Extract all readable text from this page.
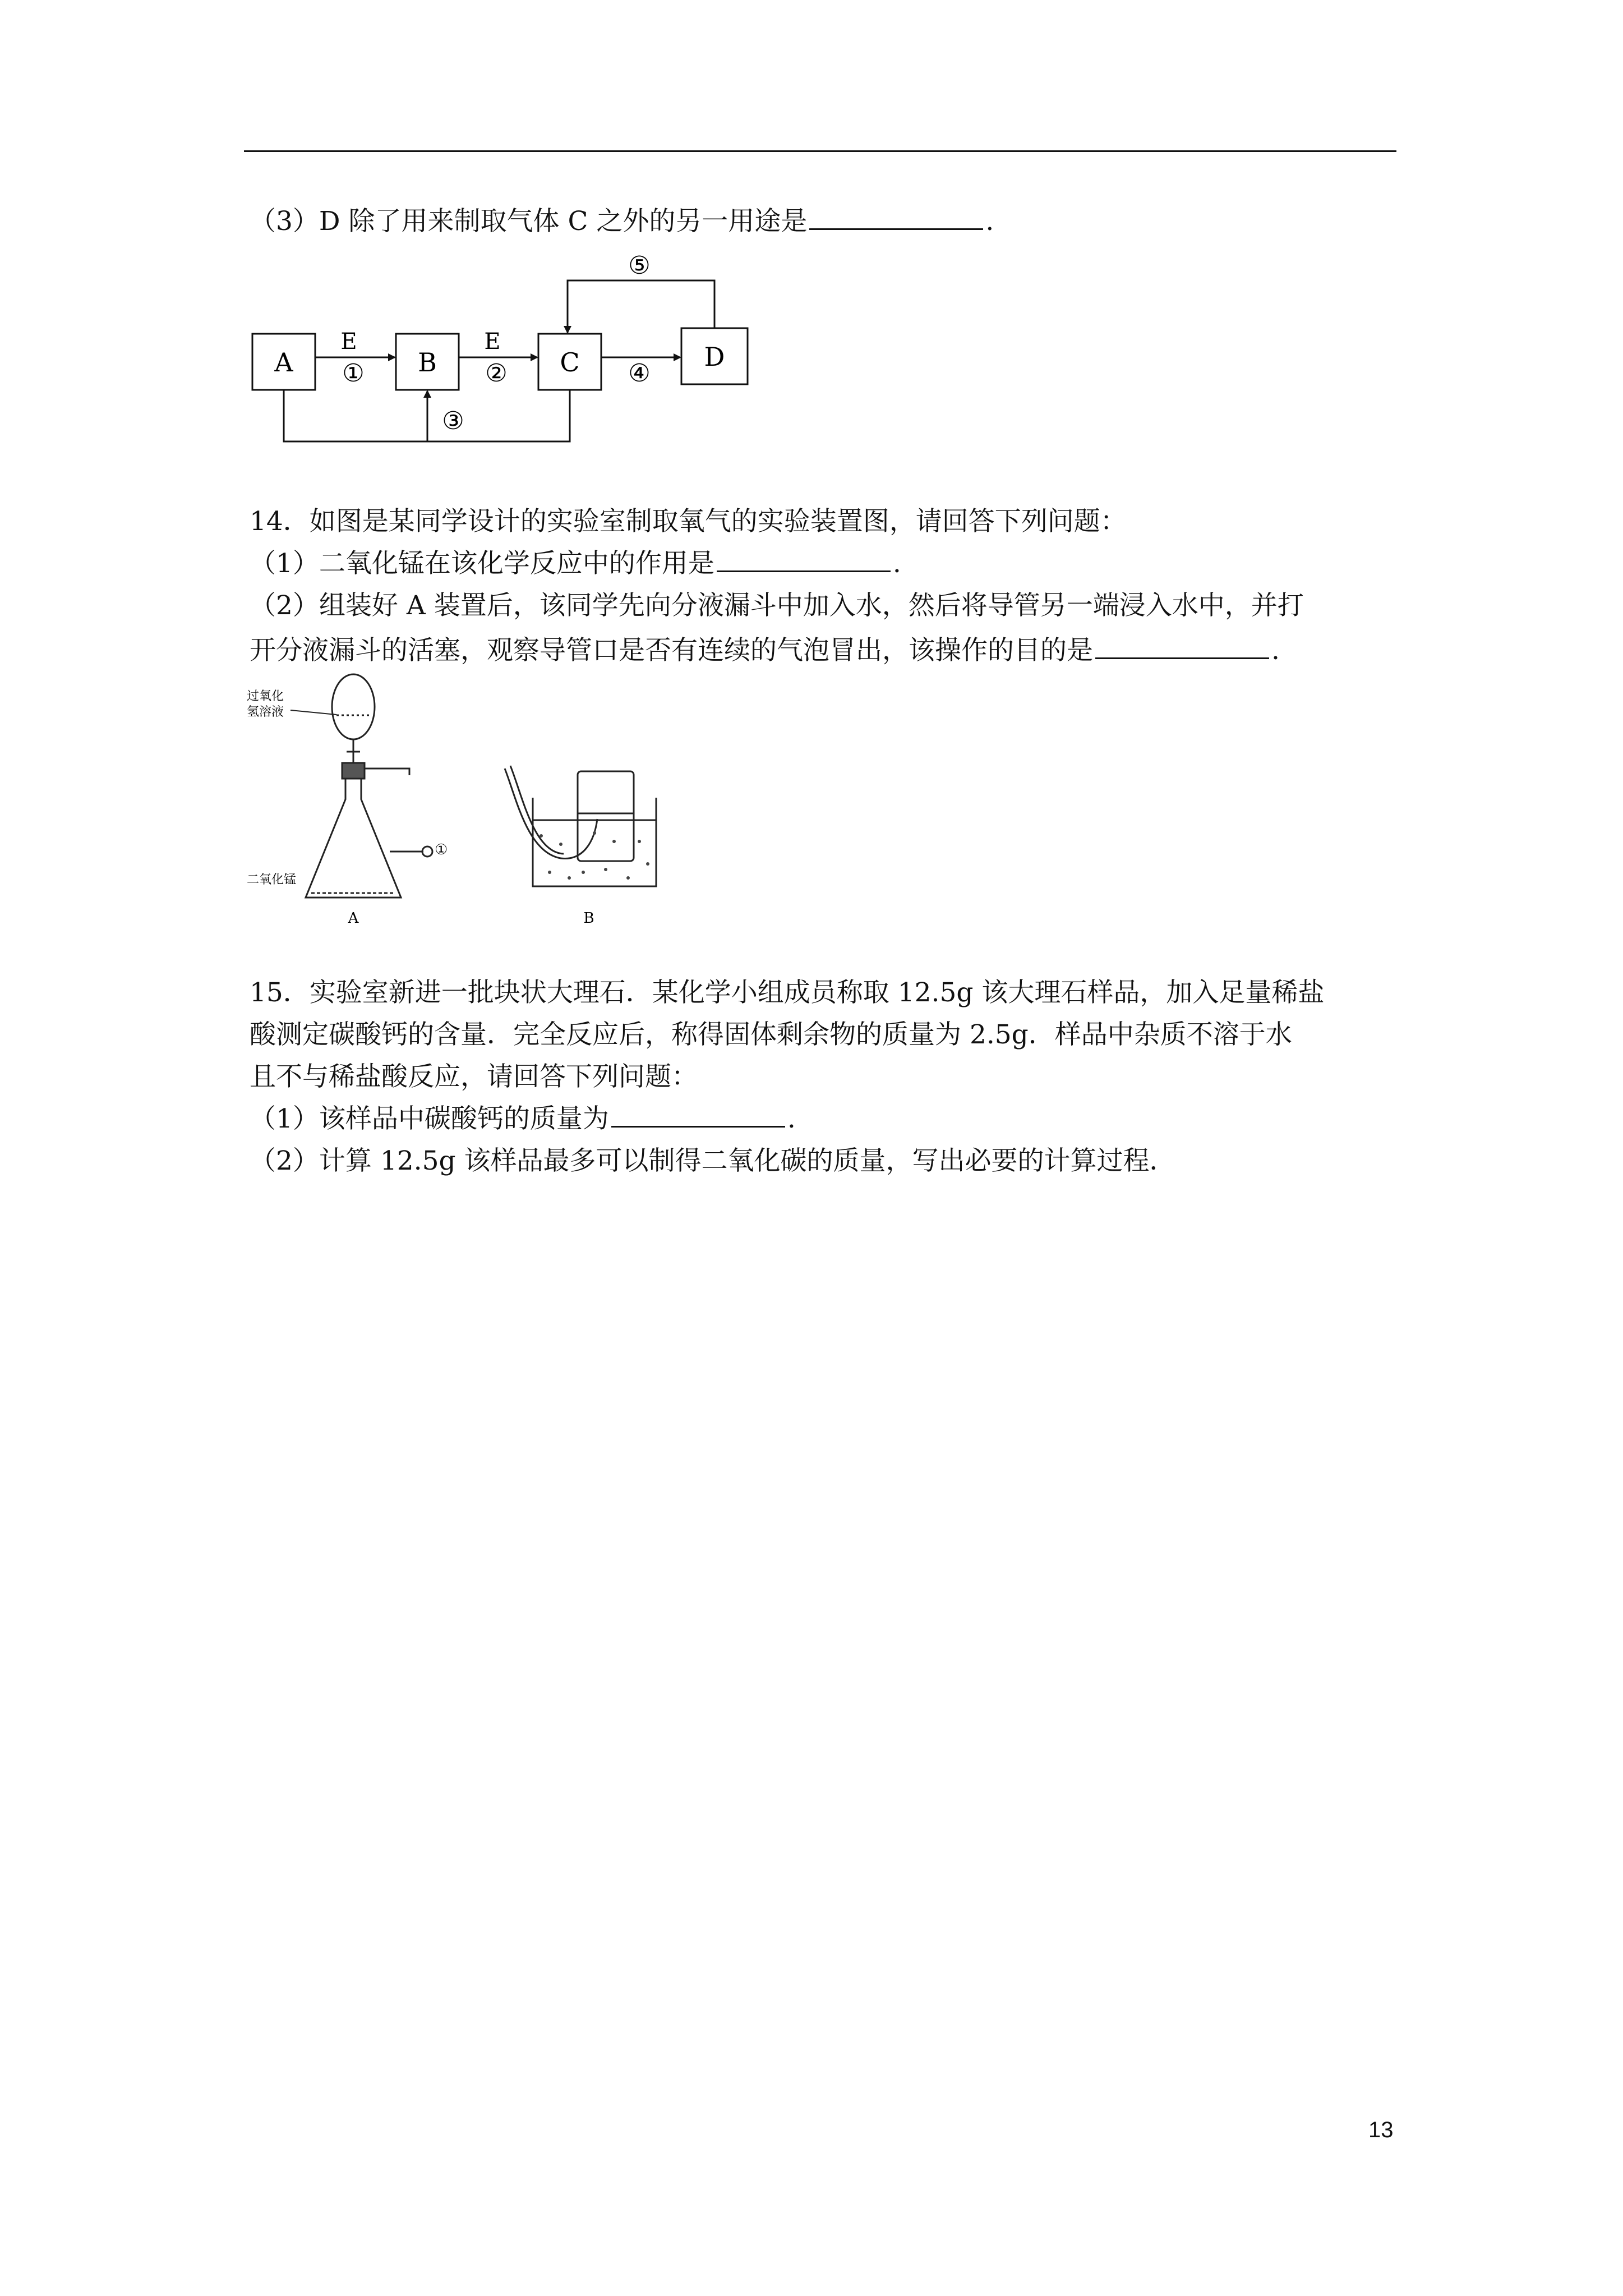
（3）D 除了用来制取气体 C 之外的另一用途是	.
A	B	C	D
E
①
E
②	④
⑤
③
14．如图是某同学设计的实验室制取氧气的实验装置图，请回答下列问题：
（1）二氧化锰在该化学反应中的作用是	.
（2）组装好 A 装置后，该同学先向分液漏斗中加入水，然后将导管另一端浸入水中，并打
开分液漏斗的活塞，观察导管口是否有连续的气泡冒出，该操作的目的是	.
过氧化
氢溶液
二氧化锰
A	B
①
15．实验室新进一批块状大理石．某化学小组成员称取 12.5g 该大理石样品，加入足量稀盐
酸测定碳酸钙的含量．完全反应后，称得固体剩余物的质量为 2.5g．样品中杂质不溶于水
且不与稀盐酸反应，请回答下列问题：
（1）该样品中碳酸钙的质量为	.
（2）计算 12.5g 该样品最多可以制得二氧化碳的质量，写出必要的计算过程．
13
